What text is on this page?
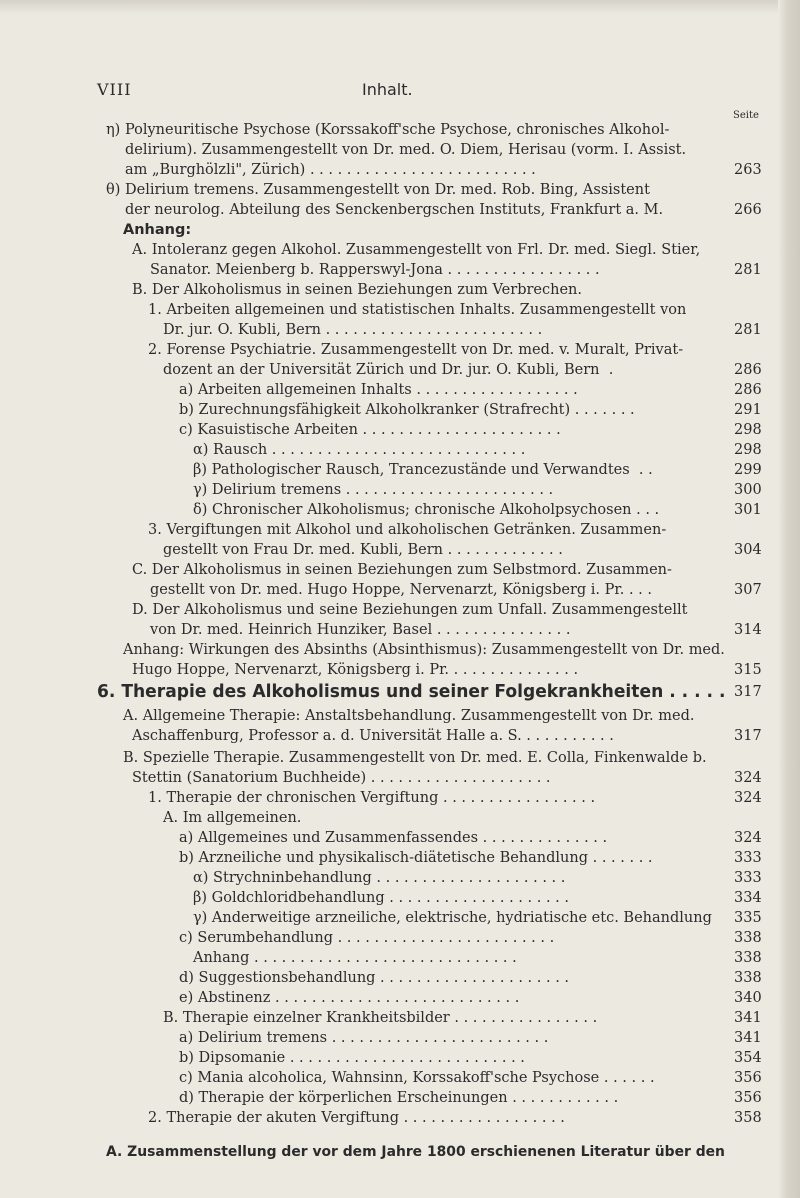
VIII	Inhalt.
Seite
η) Polyneuritische Psychose (Korssakoff'sche Psychose, chronisches Alkohol-
delirium). Zusammengestellt von Dr. med. O. Diem, Herisau (vorm. I. Assist.
am „Burghölzli", Zürich) . . . . . . . . . . . . . . . . . . . . . . . . .	263
θ) Delirium tremens. Zusammengestellt von Dr. med. Rob. Bing, Assistent
der neurolog. Abteilung des Senckenbergschen Instituts, Frankfurt a. M.	266
Anhang:
A. Intoleranz gegen Alkohol. Zusammengestellt von Frl. Dr. med. Siegl. Stier,
Sanator. Meienberg b. Rapperswyl-Jona . . . . . . . . . . . . . . . . .	281
B. Der Alkoholismus in seinen Beziehungen zum Verbrechen.
1. Arbeiten allgemeinen und statistischen Inhalts. Zusammengestellt von
Dr. jur. O. Kubli, Bern . . . . . . . . . . . . . . . . . . . . . . . .	281
2. Forense Psychiatrie. Zusammengestellt von Dr. med. v. Muralt, Privat-
dozent an der Universität Zürich und Dr. jur. O. Kubli, Bern  .	286
a) Arbeiten allgemeinen Inhalts . . . . . . . . . . . . . . . . . .	286
b) Zurechnungsfähigkeit Alkoholkranker (Strafrecht) . . . . . . .	291
c) Kasuistische Arbeiten . . . . . . . . . . . . . . . . . . . . . .	298
α) Rausch . . . . . . . . . . . . . . . . . . . . . . . . . . . .	298
β) Pathologischer Rausch, Trancezustände und Verwandtes  . .	299
γ) Delirium tremens . . . . . . . . . . . . . . . . . . . . . . .	300
δ) Chronischer Alkoholismus; chronische Alkoholpsychosen . . .	301
3. Vergiftungen mit Alkohol und alkoholischen Getränken. Zusammen-
gestellt von Frau Dr. med. Kubli, Bern . . . . . . . . . . . . .	304
C. Der Alkoholismus in seinen Beziehungen zum Selbstmord. Zusammen-
gestellt von Dr. med. Hugo Hoppe, Nervenarzt, Königsberg i. Pr. . . .	307
D. Der Alkoholismus und seine Beziehungen zum Unfall. Zusammengestellt
von Dr. med. Heinrich Hunziker, Basel . . . . . . . . . . . . . . .	314
Anhang: Wirkungen des Absinths (Absinthismus): Zusammengestellt von Dr. med.
Hugo Hoppe, Nervenarzt, Königsberg i. Pr. . . . . . . . . . . . . . .	315
6. Therapie des Alkoholismus und seiner Folgekrankheiten . . . . . 317
A. Allgemeine Therapie: Anstaltsbehandlung. Zusammengestellt von Dr. med.
Aschaffenburg, Professor a. d. Universität Halle a. S. . . . . . . . . . .	317
B. Spezielle Therapie. Zusammengestellt von Dr. med. E. Colla, Finkenwalde b.
Stettin (Sanatorium Buchheide) . . . . . . . . . . . . . . . . . . . .	324
1. Therapie der chronischen Vergiftung . . . . . . . . . . . . . . . . .	324
A. Im allgemeinen.
a) Allgemeines und Zusammenfassendes . . . . . . . . . . . . . .	324
b) Arzneiliche und physikalisch-diätetische Behandlung . . . . . . .	333
α) Strychninbehandlung . . . . . . . . . . . . . . . . . . . . .	333
β) Goldchloridbehandlung . . . . . . . . . . . . . . . . . . . .	334
γ) Anderweitige arzneiliche, elektrische, hydriatische etc. Behandlung 335
c) Serumbehandlung . . . . . . . . . . . . . . . . . . . . . . . .	338
Anhang . . . . . . . . . . . . . . . . . . . . . . . . . . . . .	338
d) Suggestionsbehandlung . . . . . . . . . . . . . . . . . . . . .	338
e) Abstinenz . . . . . . . . . . . . . . . . . . . . . . . . . . .	340
B. Therapie einzelner Krankheitsbilder . . . . . . . . . . . . . . . .	341
a) Delirium tremens . . . . . . . . . . . . . . . . . . . . . . . .	341
b) Dipsomanie . . . . . . . . . . . . . . . . . . . . . . . . . .	354
c) Mania alcoholica, Wahnsinn, Korssakoff'sche Psychose . . . . . .	356
d) Therapie der körperlichen Erscheinungen . . . . . . . . . . . .	356
2. Therapie der akuten Vergiftung . . . . . . . . . . . . . . . . . .	358
A. Zusammenstellung der vor dem Jahre 1800 erschienenen Literatur über den
